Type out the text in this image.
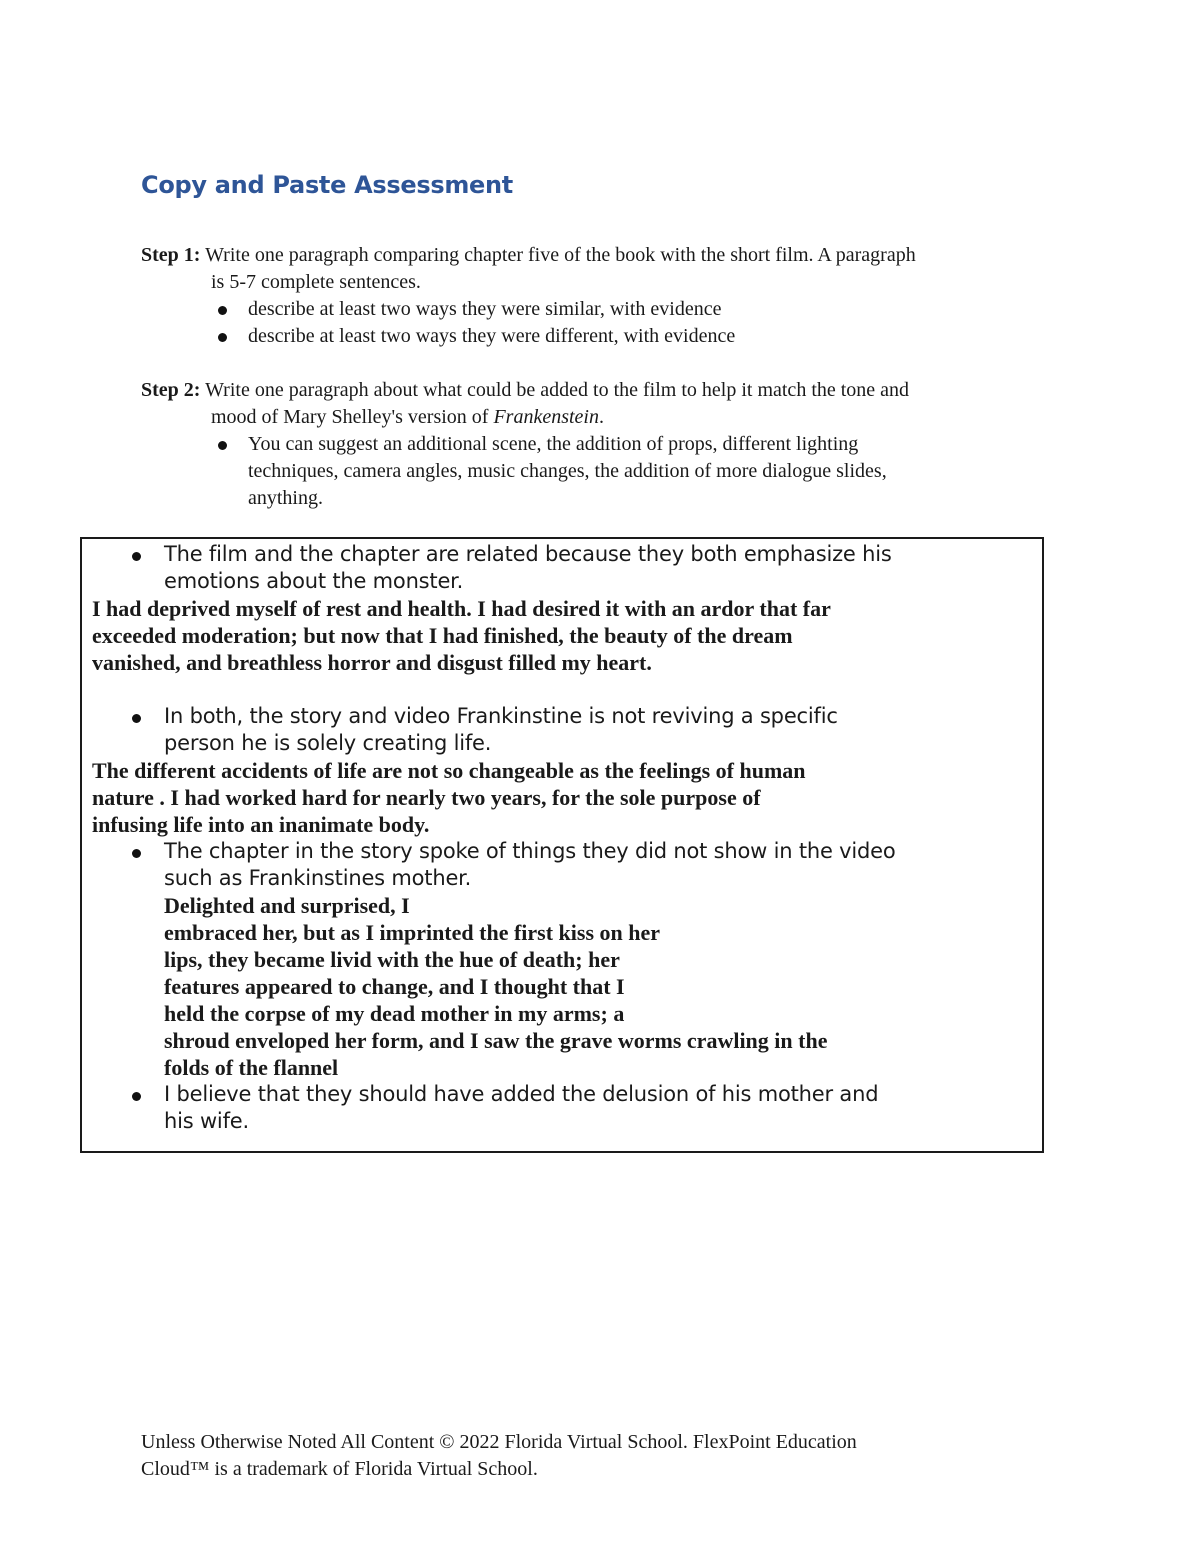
Copy and Paste Assessment

Step 1: Write one paragraph comparing chapter five of the book with the short film. A paragraph

is 5-7 complete sentences.

describe at least two ways they were similar, with evidence
describe at least two ways they were different, with evidence

Step 2: Write one paragraph about what could be added to the film to help it match the tone and

mood of Mary Shelley's version of Frankenstein.

You can suggest an additional scene, the addition of props, different lighting
techniques, camera angles, music changes, the addition of more dialogue slides,
anything.

The film and the chapter are related because they both emphasize his
emotions about the monster.

I had deprived myself of rest and health. I had desired it with an ardor that far
exceeded moderation; but now that I had finished, the beauty of the dream
vanished, and breathless horror and disgust filled my heart.

In both, the story and video Frankinstine is not reviving a specific
person he is solely creating life.

The different accidents of life are not so changeable as the feelings of human
nature . I had worked hard for nearly two years, for the sole purpose of
infusing life into an inanimate body.

The chapter in the story spoke of things they did not show in the video
such as Frankinstines mother.

Delighted and surprised, I
embraced her, but as I imprinted the first kiss on her
lips, they became livid with the hue of death; her
features appeared to change, and I thought that I
held the corpse of my dead mother in my arms; a
shroud enveloped her form, and I saw the grave worms crawling in the
folds of the flannel

I believe that they should have added the delusion of his mother and
his wife.

Unless Otherwise Noted All Content © 2022 Florida Virtual School. FlexPoint Education
Cloud™ is a trademark of Florida Virtual School.
